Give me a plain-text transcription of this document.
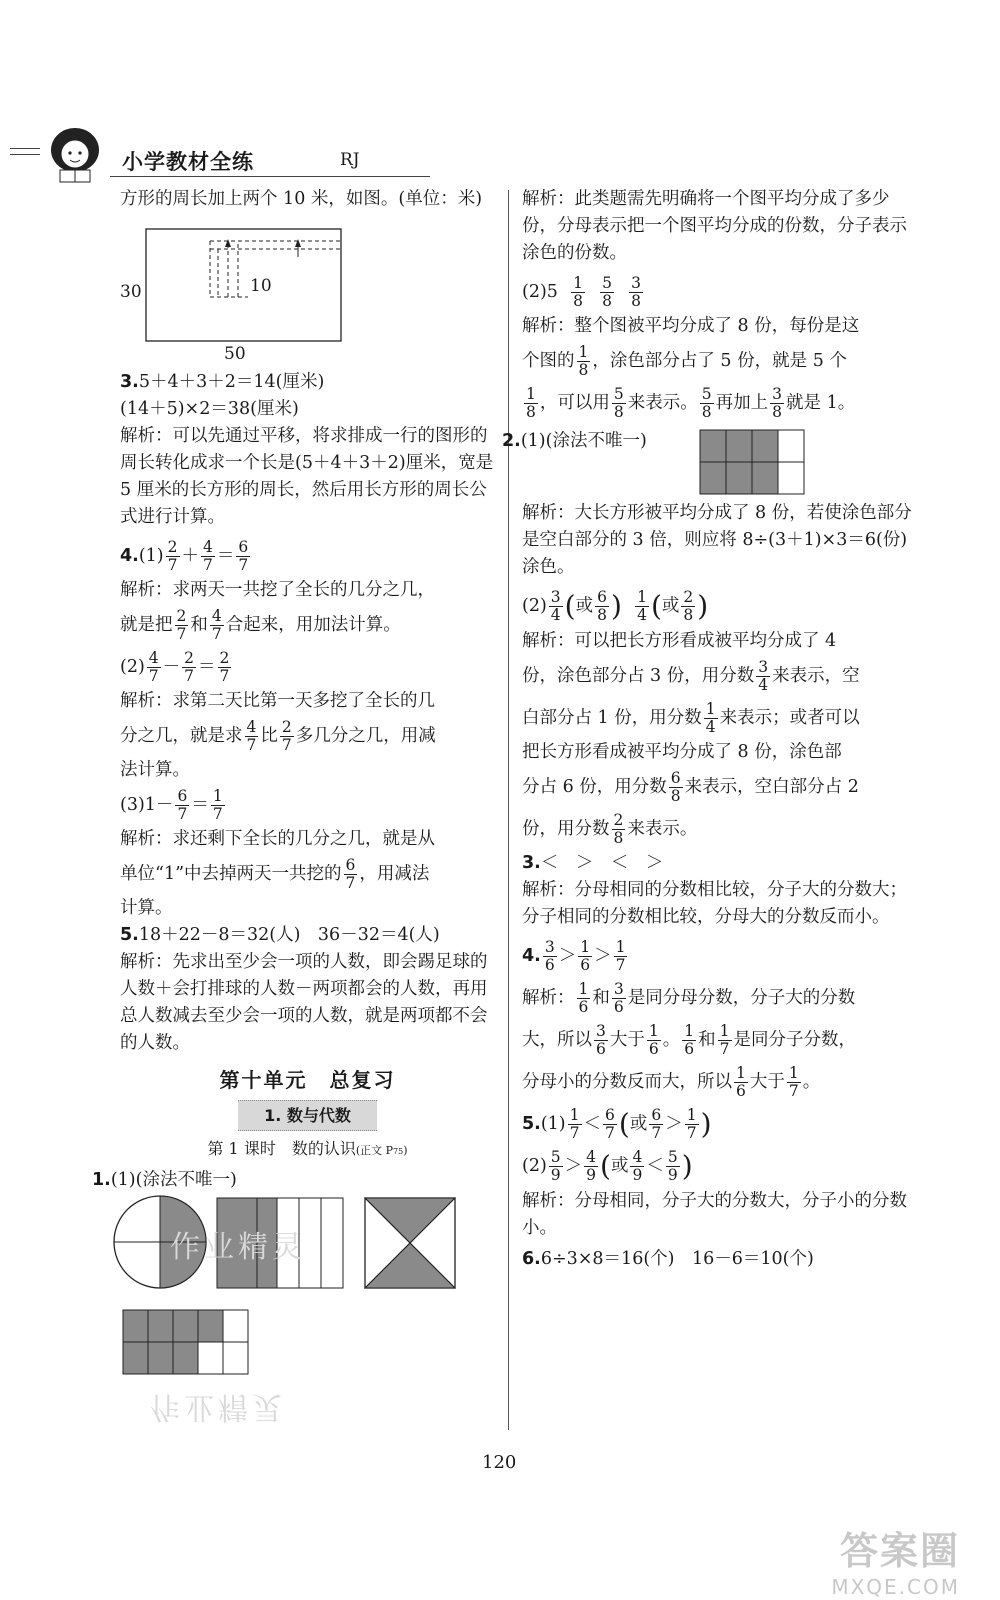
小学教材全练	RJ

方形的周长加上两个 10 米，如图。(单位：米)

30	10
50

3.5＋4＋3＋2＝14(厘米)

(14＋5)×2＝38(厘米)

解析：可以先通过平移，将求排成一行的图形的周长转化成求一个长是(5＋4＋3＋2)厘米，宽是 5 厘米的长方形的周长，然后用长方形的周长公式进行计算。

$4.(1) \frac{2}{7} + \frac{4}{7} = \frac{6}{7}$

解析：求两天一共挖了全长的几分之几，

就是把 $\frac{2}{7}$ 和 $\frac{4}{7}$ 合起来，用加法计算。

$(2) \frac{4}{7} - \frac{2}{7} = \frac{2}{7}$

解析：求第二天比第一天多挖了全长的几

分之几，就是求 $\frac{4}{7}$ 比 $\frac{2}{7}$ 多几分之几，用减

法计算。

$(3)1- \frac{6}{7} = \frac{1}{7}$

解析：求还剩下全长的几分之几，就是从

单位“1”中去掉两天一共挖的 $\frac{6}{7}$ ，用减法

计算。

5.18＋22－8＝32(人)　36－32＝4(人)

解析：先求出至少会一项的人数，即会踢足球的人数＋会打排球的人数－两项都会的人数，再用总人数减去至少会一项的人数，就是两项都不会的人数。

第十单元　总复习
1. 数与代数
第 1 课时　数的认识(正文 P75)

1.(1)(涂法不唯一)

作业精灵
作业精灵

解析：此类题需先明确将一个图平均分成了多少份，分母表示把一个图平均分成的份数，分子表示涂色的份数。

$(2)5 \frac{1}{8}$
$\frac{5}{8}$
$\frac{3}{8}$

解析：整个图被平均分成了 8 份，每份是这

个图的 $\frac{1}{8}$ ，涂色部分占了 5 份，就是 5 个

$\frac{1}{8}$ ，可以用 $\frac{5}{8}$ 来表示。 $\frac{5}{8}$ 再加上 $\frac{3}{8}$ 就是 1。

2.(1)(涂法不唯一)

解析：大长方形被平均分成了 8 份，若使涂色部分是空白部分的 3 倍，则应将 8÷(3＋1)×3＝6(份)涂色。

$(2) \frac{3}{4}$ (或 $\frac{6}{8}$ ) $\frac{1}{4}$ (或 $\frac{2}{8}$ )

解析：可以把长方形看成被平均分成了 4

份，涂色部分占 3 份，用分数 $\frac{3}{4}$ 来表示，空

白部分占 1 份，用分数 $\frac{1}{4}$ 来表示；或者可以

把长方形看成被平均分成了 8 份，涂色部

分占 6 份，用分数 $\frac{6}{8}$ 来表示，空白部分占 2

份，用分数 $\frac{2}{8}$ 来表示。

3.＜　＞　＜　＞

解析：分母相同的分数相比较，分子大的分数大；分子相同的分数相比较，分母大的分数反而小。

4. $\frac{3}{6} > \frac{1}{6} > \frac{1}{7}$

解析： $\frac{1}{6}$ 和 $\frac{3}{6}$ 是同分母分数，分子大的分数

大，所以 $\frac{3}{6}$ 大于 $\frac{1}{6}$ 。 $\frac{1}{6}$ 和 $\frac{1}{7}$ 是同分子分数，

分母小的分数反而大，所以 $\frac{1}{6}$ 大于 $\frac{1}{7}$ 。

$5.(1) \frac{1}{7} < \frac{6}{7}$ (或 $\frac{6}{7} > \frac{1}{7}$ )

$(2) \frac{5}{9} > \frac{4}{9}$ (或 $\frac{4}{9} < \frac{5}{9}$ )

解析：分母相同，分子大的分数大，分子小的分数小。

6.6÷3×8＝16(个)　16－6＝10(个)

120
答案圈
MXQE.COM
